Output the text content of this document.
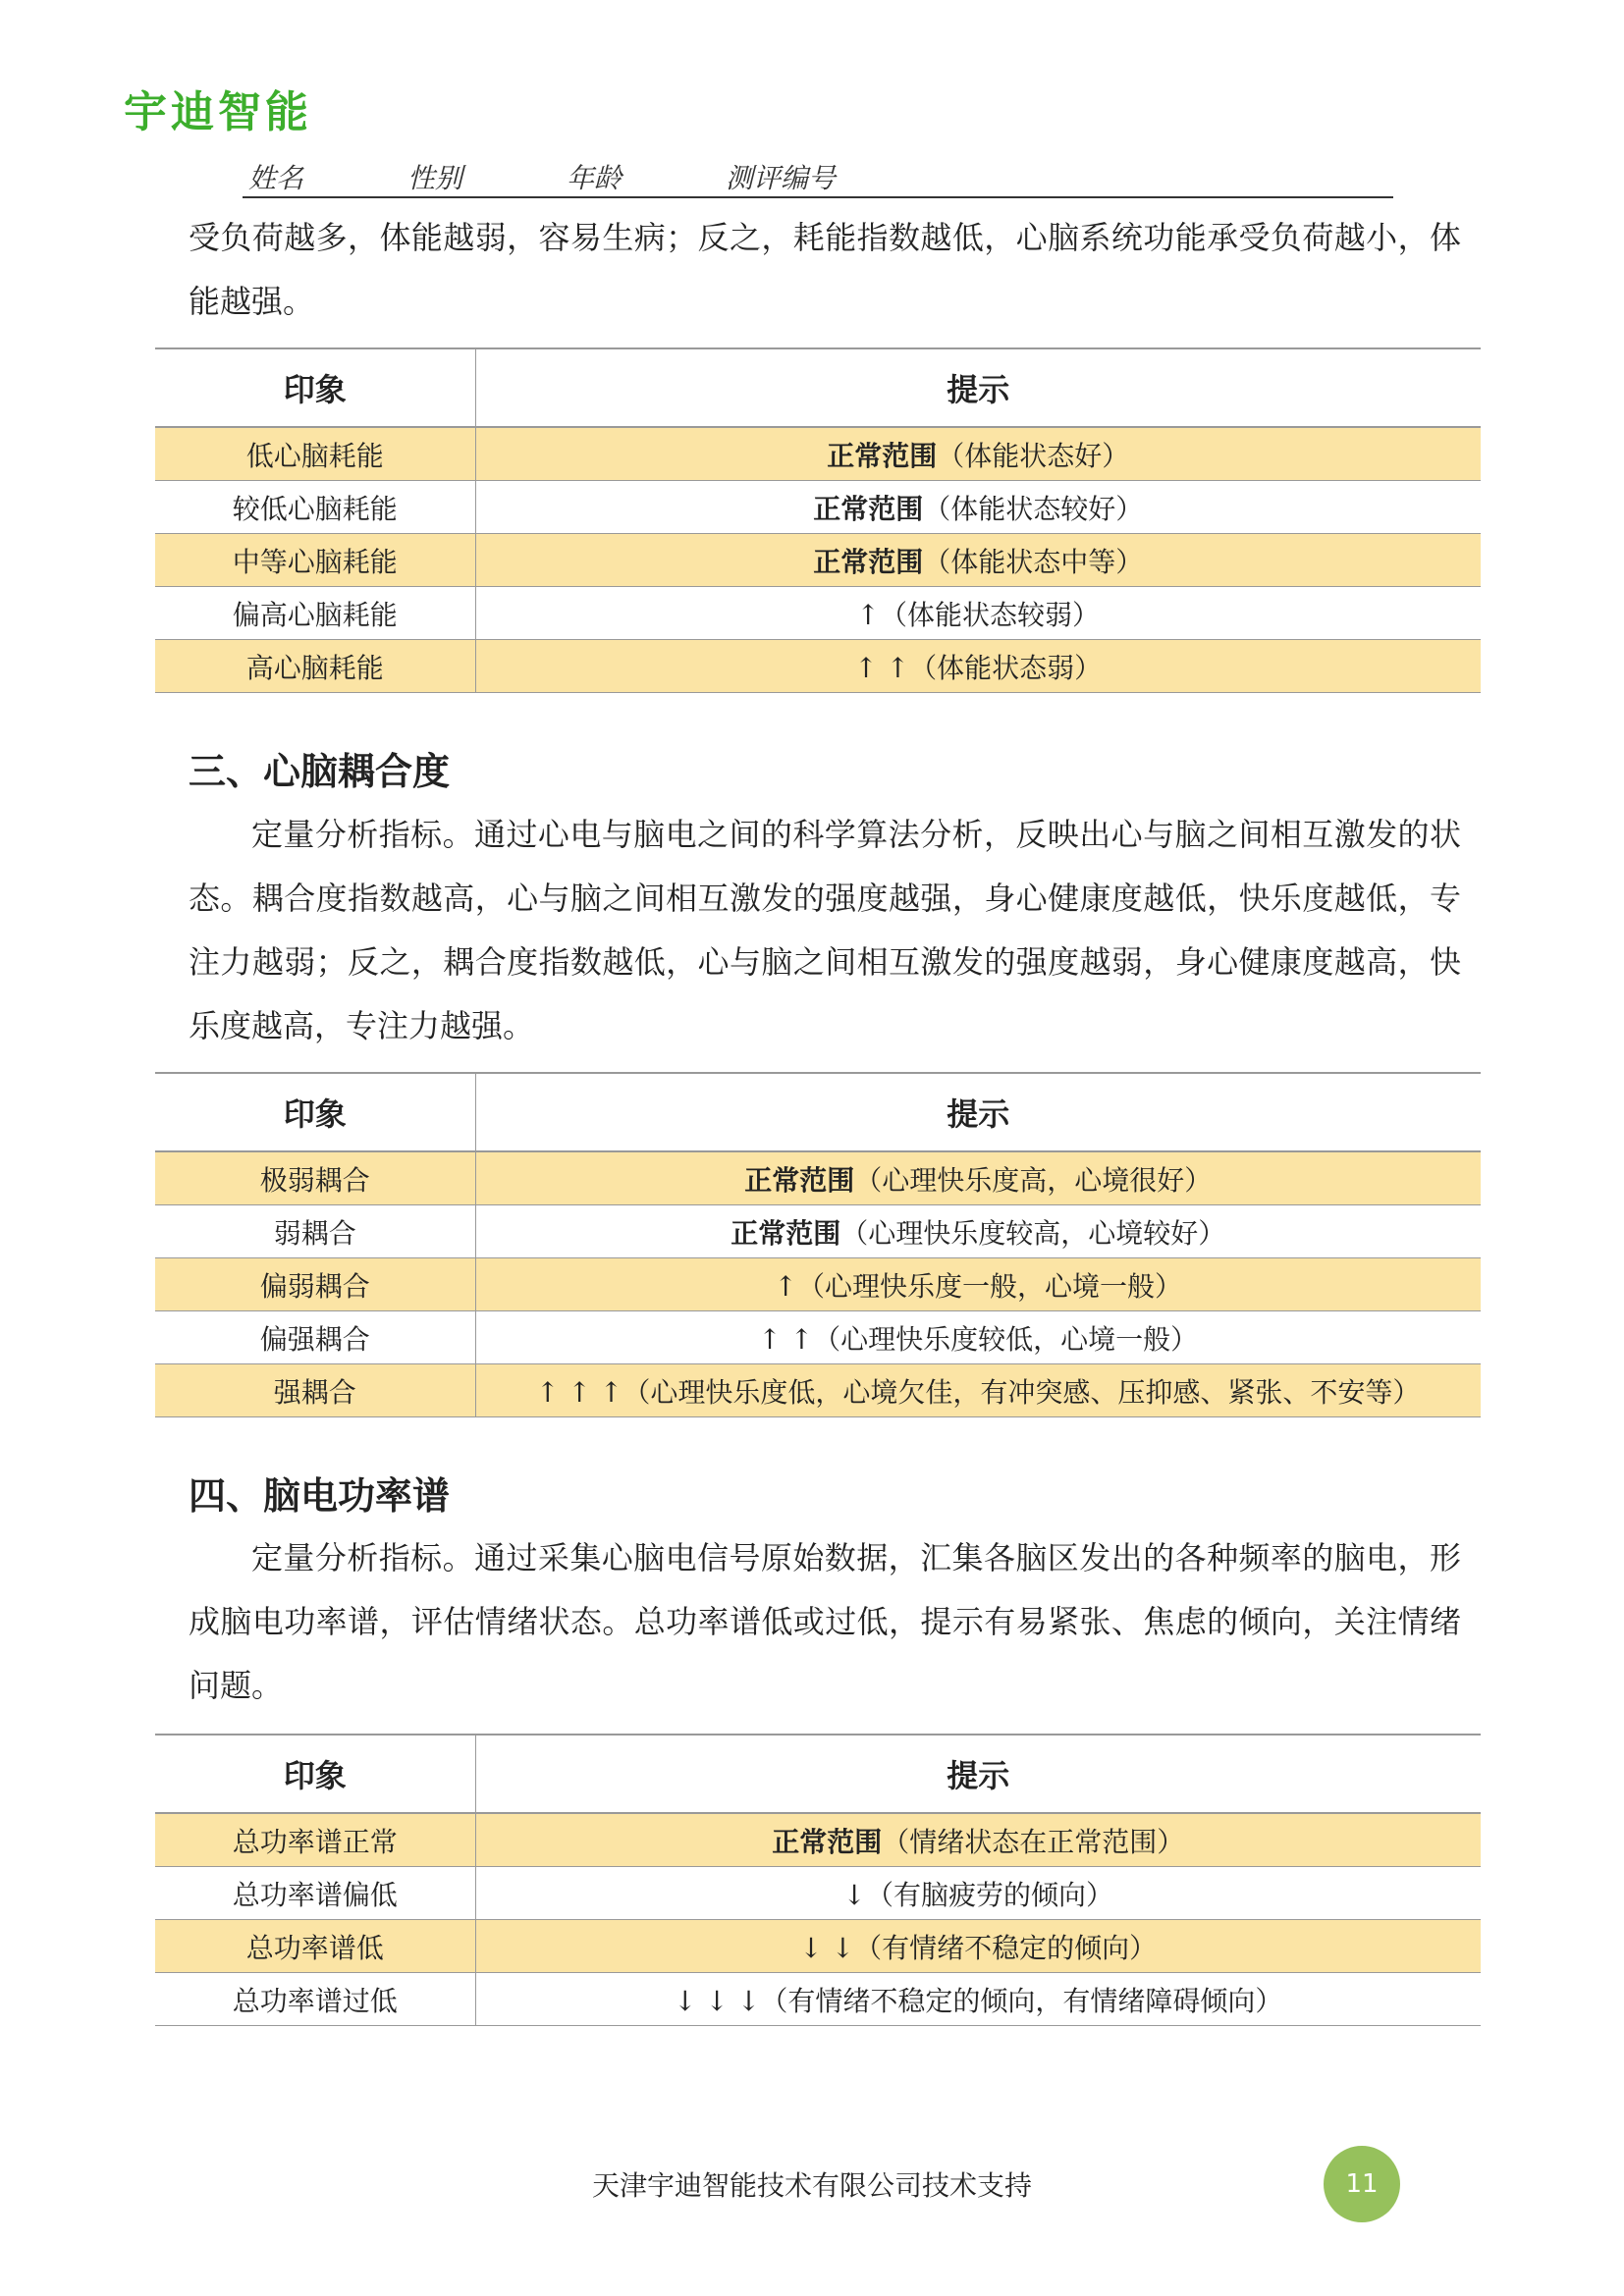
宇迪智能
姓名	性别	年龄	测评编号

受负荷越多，体能越弱，容易生病；反之，耗能指数越低，心脑系统功能承受负荷越小，体能越强。

印象	提示
低心脑耗能	正常范围（体能状态好）
较低心脑耗能	正常范围（体能状态较好）
中等心脑耗能	正常范围（体能状态中等）
偏高心脑耗能	↑（体能状态较弱）
高心脑耗能	↑ ↑（体能状态弱）
三、心脑耦合度

定量分析指标。通过心电与脑电之间的科学算法分析，反映出心与脑之间相互激发的状态。耦合度指数越高，心与脑之间相互激发的强度越强，身心健康度越低，快乐度越低，专注力越弱；反之，耦合度指数越低，心与脑之间相互激发的强度越弱，身心健康度越高，快乐度越高，专注力越强。

印象	提示
极弱耦合	正常范围（心理快乐度高，心境很好）
弱耦合	正常范围（心理快乐度较高，心境较好）
偏弱耦合	↑（心理快乐度一般，心境一般）
偏强耦合	↑ ↑（心理快乐度较低，心境一般）
强耦合	↑ ↑ ↑（心理快乐度低，心境欠佳，有冲突感、压抑感、紧张、不安等）
四、脑电功率谱

定量分析指标。通过采集心脑电信号原始数据，汇集各脑区发出的各种频率的脑电，形成脑电功率谱，评估情绪状态。总功率谱低或过低，提示有易紧张、焦虑的倾向，关注情绪问题。

印象	提示
总功率谱正常	正常范围（情绪状态在正常范围）
总功率谱偏低	↓（有脑疲劳的倾向）
总功率谱低	↓ ↓（有情绪不稳定的倾向）
总功率谱过低	↓ ↓ ↓（有情绪不稳定的倾向，有情绪障碍倾向）
天津宇迪智能技术有限公司技术支持	11
